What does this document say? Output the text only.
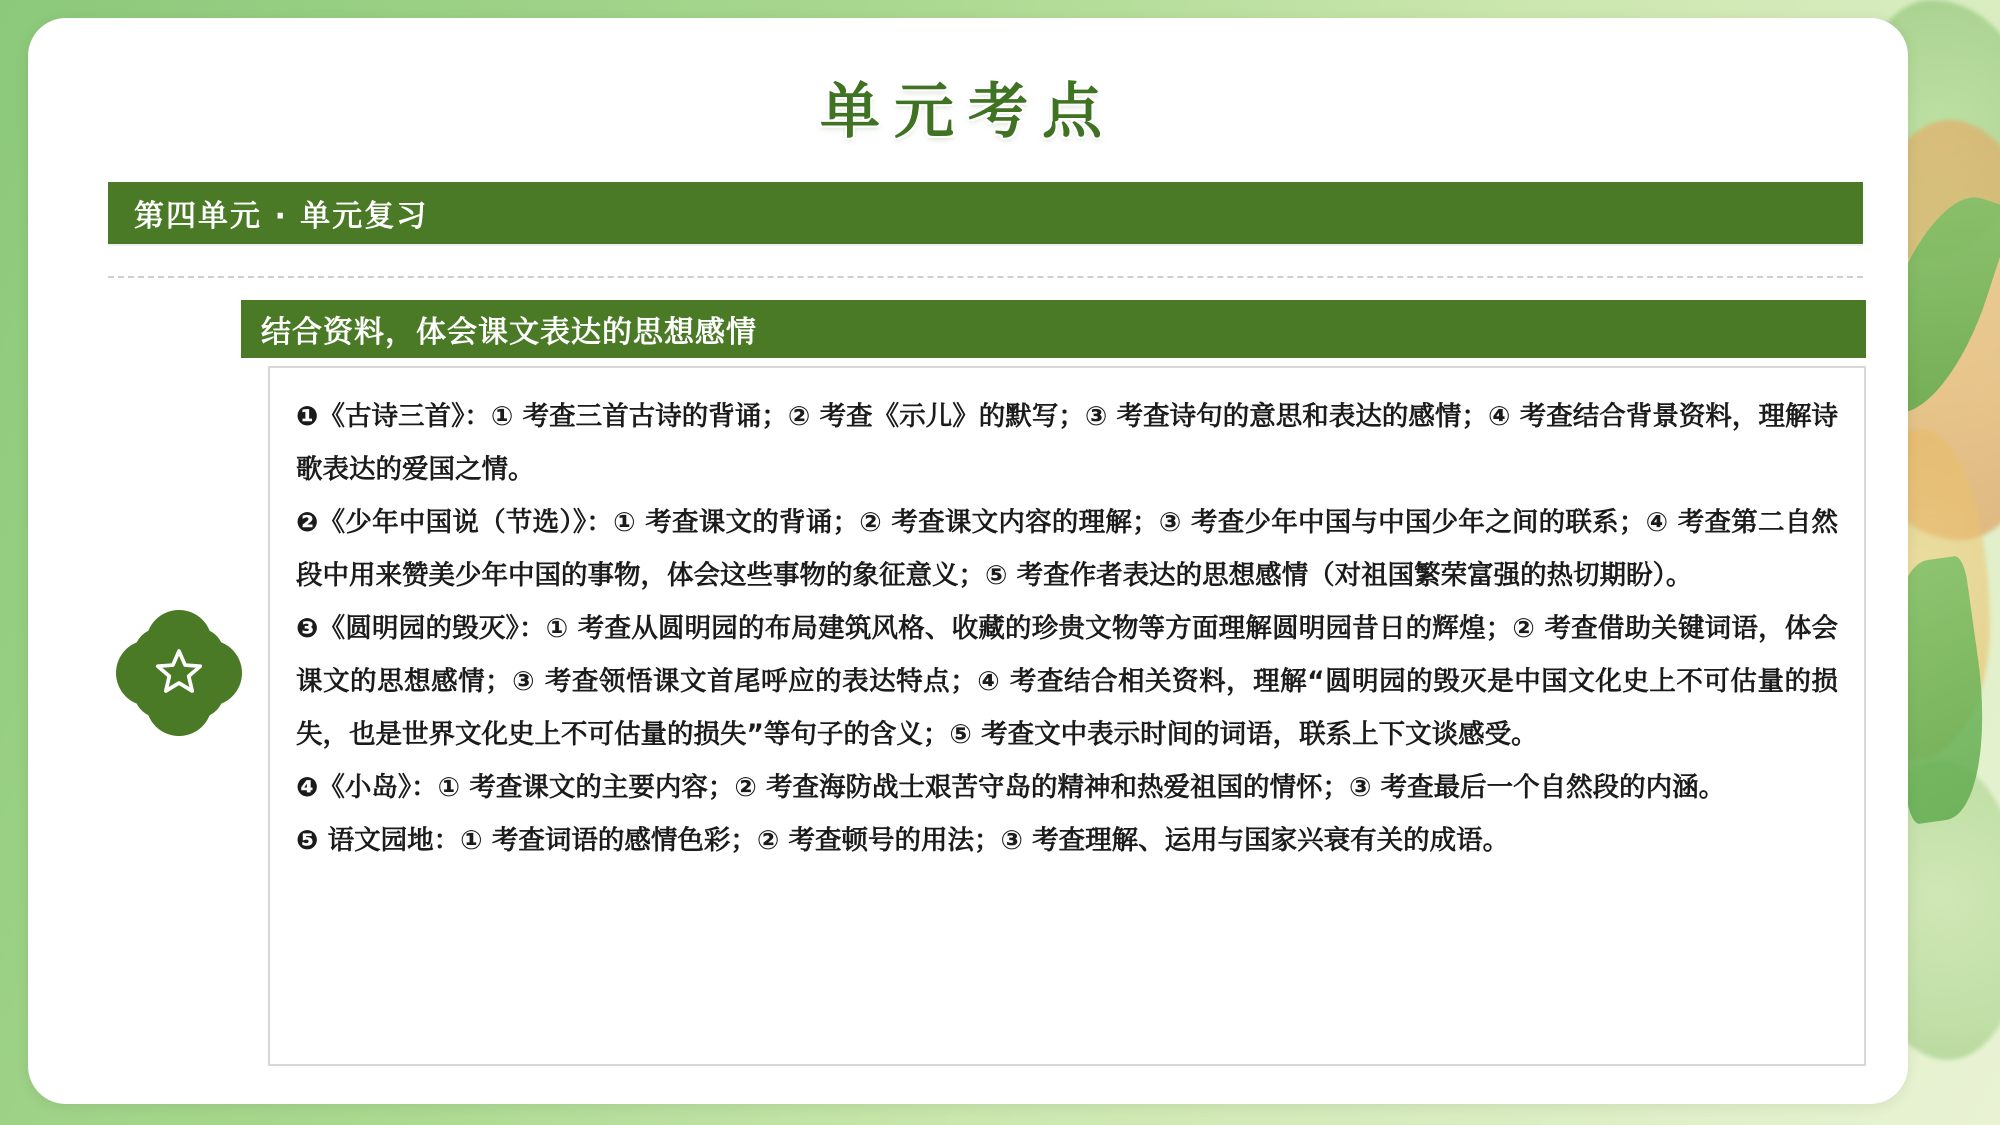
单元考点
第四单元 · 单元复习
结合资料，体会课文表达的思想感情

❶《古诗三首》：① 考查三首古诗的背诵；② 考查《示儿》的默写；③ 考查诗句的意思和表达的感情；④ 考查结合背景资料，理解诗歌表达的爱国之情。

❷《少年中国说（节选）》：① 考查课文的背诵；② 考查课文内容的理解；③ 考查少年中国与中国少年之间的联系；④ 考查第二自然段中用来赞美少年中国的事物，体会这些事物的象征意义；⑤ 考查作者表达的思想感情（对祖国繁荣富强的热切期盼）。

❸《圆明园的毁灭》：① 考查从圆明园的布局建筑风格、收藏的珍贵文物等方面理解圆明园昔日的辉煌；② 考查借助关键词语，体会课文的思想感情；③ 考查领悟课文首尾呼应的表达特点；④ 考查结合相关资料，理解“圆明园的毁灭是中国文化史上不可估量的损失，也是世界文化史上不可估量的损失”等句子的含义；⑤ 考查文中表示时间的词语，联系上下文谈感受。

❹《小岛》：① 考查课文的主要内容；② 考查海防战士艰苦守岛的精神和热爱祖国的情怀；③ 考查最后一个自然段的内涵。

❺ 语文园地：① 考查词语的感情色彩；② 考查顿号的用法；③ 考查理解、运用与国家兴衰有关的成语。
